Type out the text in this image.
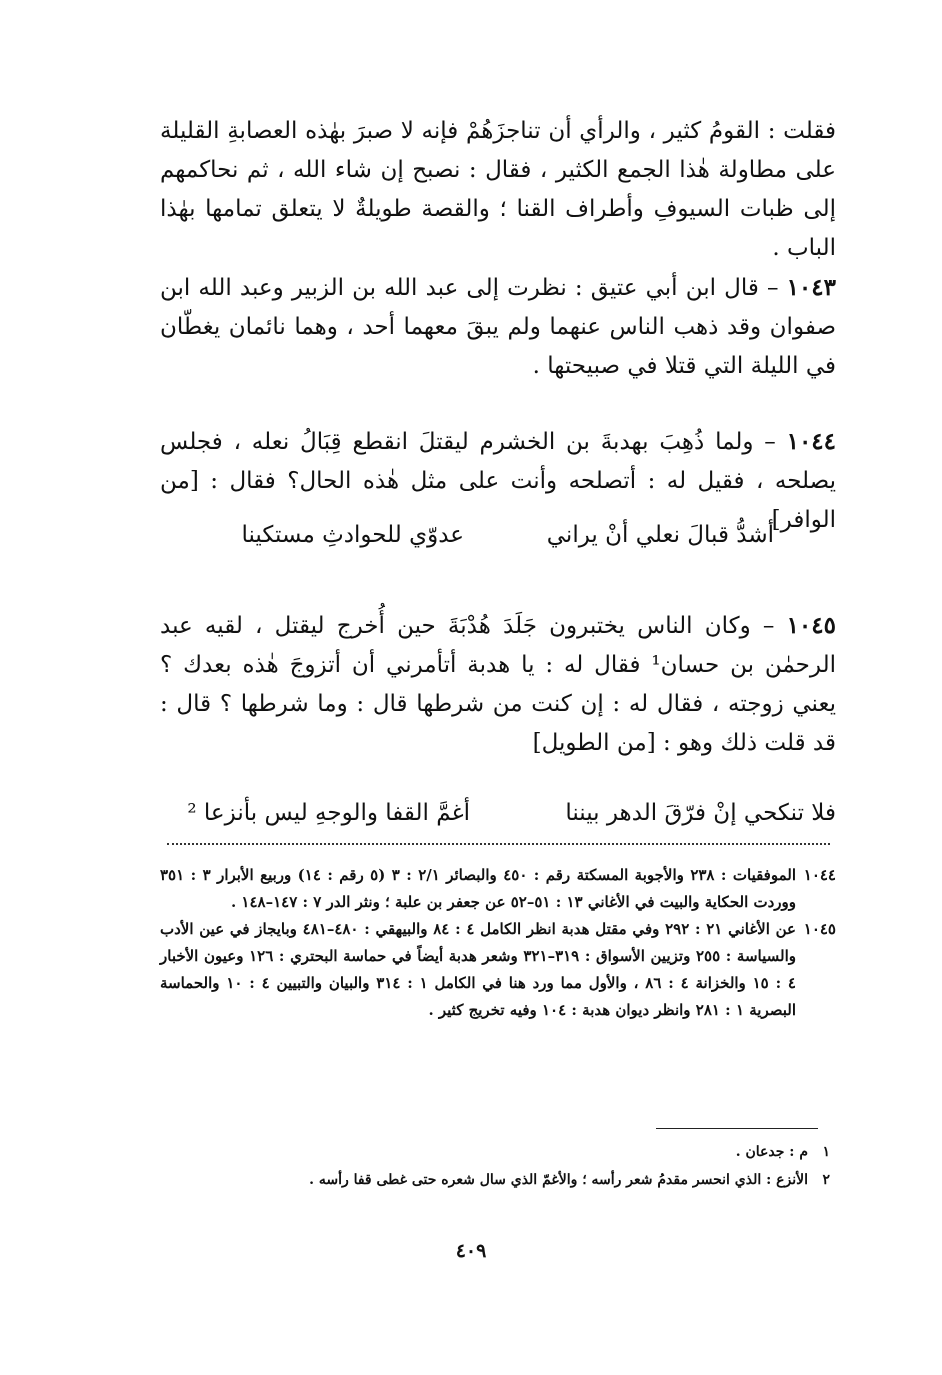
فقلت : القومُ كثير ، والرأي أن تناجزَهُمْ فإنه لا صبرَ بهٰذه العصابةِ القليلة على مطاولة هٰذا الجمع الكثير ، فقال : نصبح إن شاء الله ، ثم نحاكمهم إلى ظبات السيوفِ وأطراف القنا ؛ والقصة طويلةٌ لا يتعلق تمامها بهٰذا الباب .

١٠٤٣ – قال ابن أبي عتيق : نظرت إلى عبد الله بن الزبير وعبد الله ابن صفوان وقد ذهب الناس عنهما ولم يبقَ معهما أحد ، وهما نائمان يغطّان في الليلة التي قتلا في صبيحتها .

١٠٤٤ – ولما ذُهِبَ بهدبةَ بن الخشرم ليقتلَ انقطع قِبَالُ نعله ، فجلس يصلحه ، فقيل له : أتصلحه وأنت على مثل هٰذه الحال؟ فقال : [من الوافر]

أشدُّ قبالَ نعلي أنْ يراني
عدوّي للحوادثِ مستكينا

١٠٤٥ – وكان الناس يختبرون جَلَدَ هُدْبَةَ حين أُخرج ليقتل ، لقيه عبد الرحمٰن بن حسان¹ فقال له : يا هدبة أتأمرني أن أتزوجَ هٰذه بعدك ؟ يعني زوجته ، فقال له : إن كنت من شرطها قال : وما شرطها ؟ قال : قد قلت ذلك وهو : [من الطويل]

فلا تنكحي إنْ فرّقَ الدهر بيننا
أغمَّ القفا والوجهِ ليس بأنزعا ²
١٠٤٤
الموفقيات : ٢٣٨ والأجوبة المسكتة رقم : ٤٥٠ والبصائر ٢/١ : ٣ (٥ رقم : ١٤) وربيع الأبرار ٣ : ٣٥١ ووردت الحكاية والبيت في الأغاني ١٣ : ٥١–٥٢ عن جعفر بن علبة ؛ ونثر الدر ٧ : ١٤٧–١٤٨ .
١٠٤٥
عن الأغاني ٢١ : ٢٩٢ وفي مقتل هدبة انظر الكامل ٤ : ٨٤ والبيهقي : ٤٨٠–٤٨١ وبايجاز في عين الأدب والسياسة : ٢٥٥ وتزيين الأسواق : ٣١٩–٣٢١ وشعر هدبة أيضاً في حماسة البحتري : ١٢٦ وعيون الأخبار ٤ : ١٥ والخزانة ٤ : ٨٦ ، والأول مما ورد هنا في الكامل ١ : ٣١٤ والبيان والتبيين ٤ : ١٠ والحماسة البصرية ١ : ٢٨١ وانظر ديوان هدبة : ١٠٤ وفيه تخريج كثير .
١
م : جدعان .
٢
الأنزع : الذي انحسر مقدمُ شعر رأسه ؛ والأغمّ الذي سال شعره حتى غطى قفا رأسه .
٤٠٩
